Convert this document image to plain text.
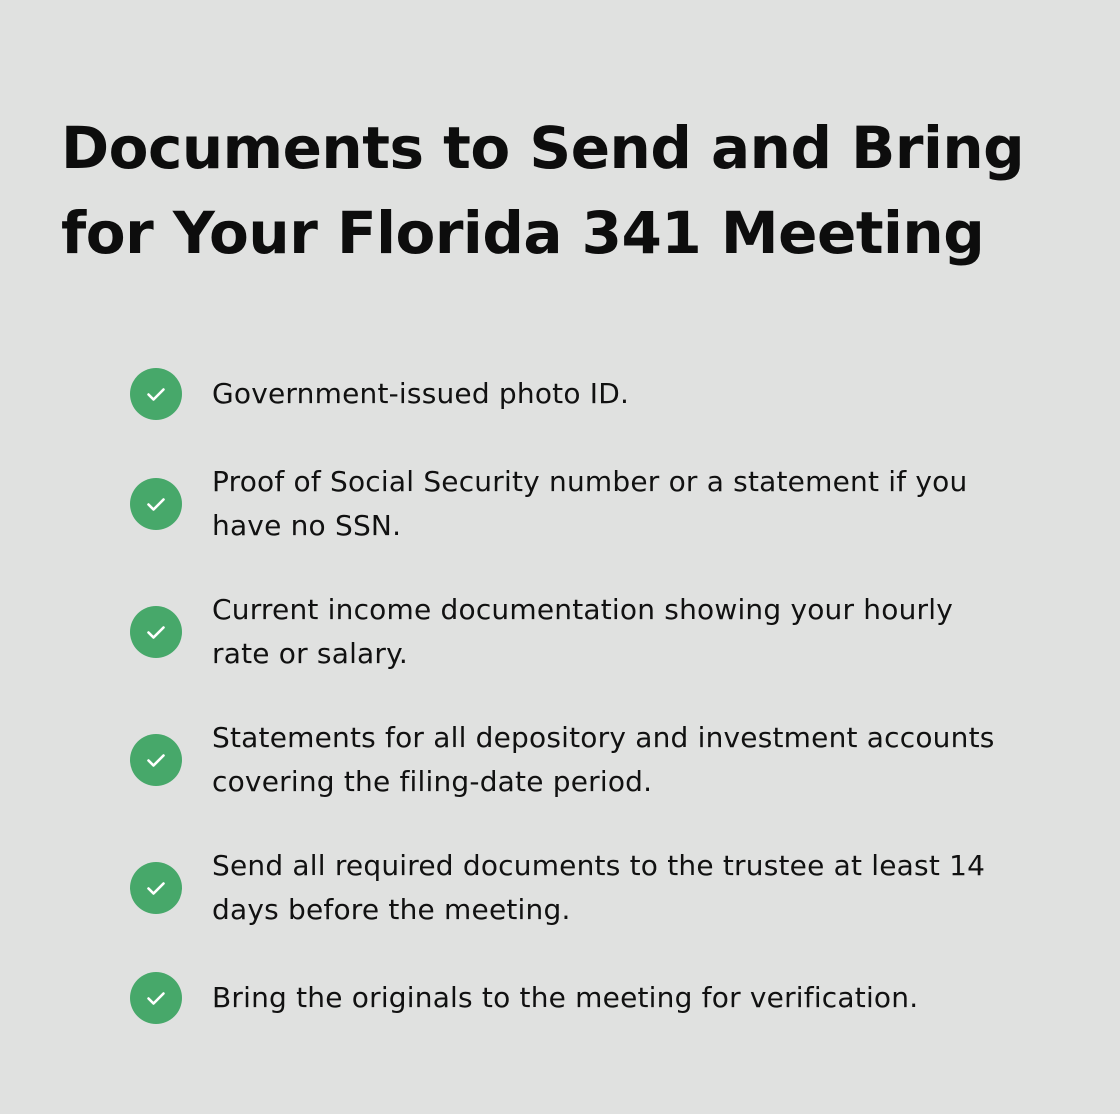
Documents to Send and Bring
for Your Florida 341 Meeting
Government-issued photo ID.
Proof of Social Security number or a statement if you
have no SSN.
Current income documentation showing your hourly
rate or salary.
Statements for all depository and investment accounts
covering the filing-date period.
Send all required documents to the trustee at least 14
days before the meeting.
Bring the originals to the meeting for verification.
